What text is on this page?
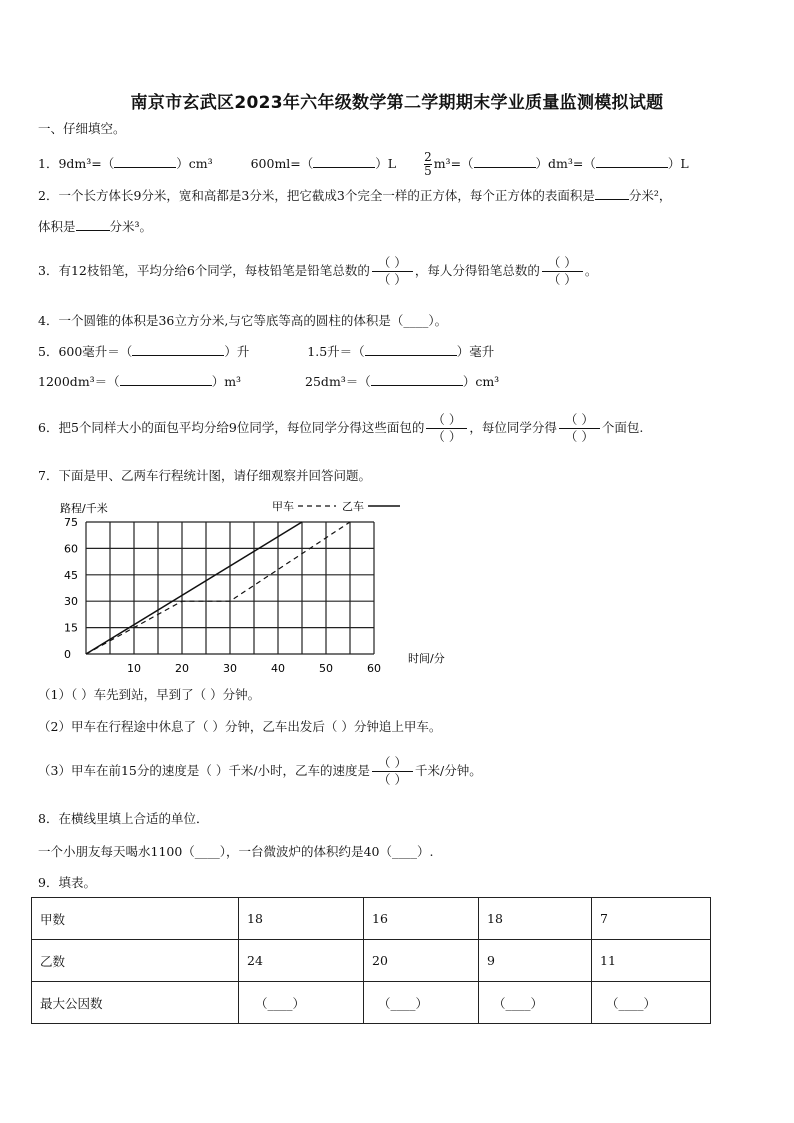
南京市玄武区2023年六年级数学第二学期期末学业质量监测模拟试题
一、仔细填空。
1．9dm³=（	）cm³	600ml=（	）$L \frac{2}{5} m^3=$（	）dm³=（	）L
2．一个长方体长9分米，宽和高都是3分米，把它截成3个完全一样的正方体，每个正方体的表面积是	分米²，
体积是	分米³。
3．有12枝铅笔，平均分给6个同学，每枝铅笔是铅笔总数的 $\frac{( )}{( )}$ ，每人分得铅笔总数的 $\frac{( )}{( )}$ 。
4．一个圆锥的体积是36立方分米,与它等底等高的圆柱的体积是（____）。
5．600毫升＝（	）升	1.5升＝（	）毫升
1200dm³＝（	）m³	25dm³＝（	）cm³
6．把5个同样大小的面包平均分给9位同学，每位同学分得这些面包的 $\frac{( )}{( )}$ ，每位同学分得 $\frac{( )}{( )}$ 个面包.
7．下面是甲、乙两车行程统计图，请仔细观察并回答问题。
路程/千米	甲车	乙车
0
15
30
45
60
75
10	20	30	40	50	60
时间/分
（1）（ ）车先到站，早到了（ ）分钟。
（2）甲车在行程途中休息了（ ）分钟，乙车出发后（ ）分钟追上甲车。
（3）甲车在前15分的速度是（ ）千米/小时，乙车的速度是 $\frac{( )}{( )}$ 千米/分钟。
8．在横线里填上合适的单位．
一个小朋友每天喝水1100（____），一台微波炉的体积约是40（____）.
9．填表。
甲数	18	16	18	7
乙数	24	20	9	11
最大公因数	（____）	（____）	（____）	（____）
